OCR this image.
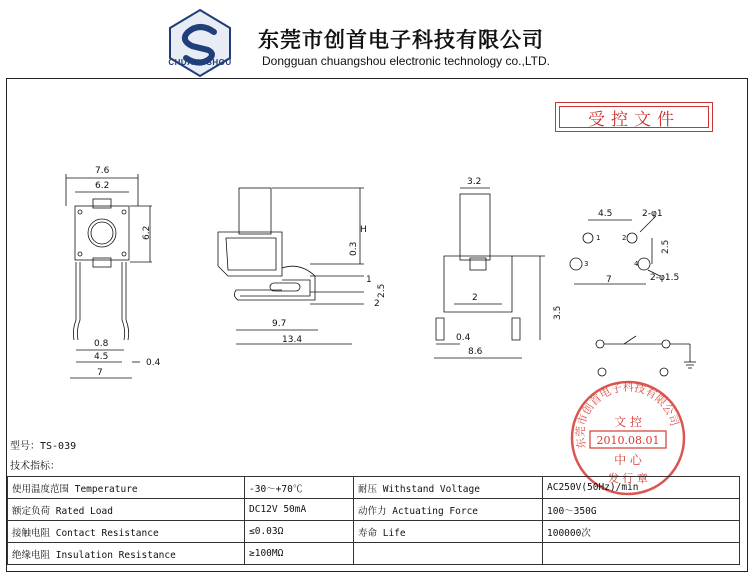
CHUANGSHOU
东莞市创首电子科技有限公司
Dongguan chuangshou electronic technology co.,LTD.
受控文件
7.6
6.2
6.2
0.8
4.5
0.4
7
H
0.3
1
2.5
2
9.7
13.4
3.2
2
3.5
0.4
8.6
4.5	2-φ1
2.5
7	2-φ1.5
1	2
3	4
东莞市创首电子科技有限公司
文 控
2010.08.01
中 心
发 行 章
型号：TS-039
技术指标：
使用温度范围 Temperature	-30～+70℃	耐压 Withstand Voltage	AC250V(50Hz)/min
额定负荷 Rated Load	DC12V 50mA	动作力 Actuating Force	100～350G
接触电阻 Contact Resistance	≤0.03Ω	寿命 Life	100000次
绝缘电阻 Insulation Resistance	≥100MΩ		
